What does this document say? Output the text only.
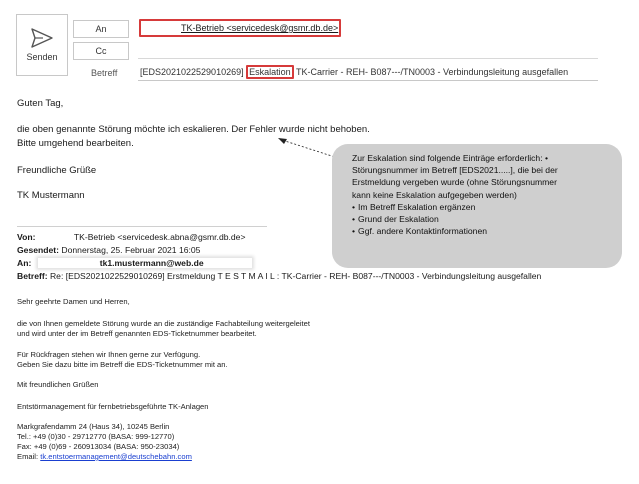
Senden
An
Cc
Betreff
TK-Betrieb <servicedesk@gsmr.db.de>
[EDS2021022529010269] Eskalation TK-Carrier - REH- B087---/TN0003 - Verbindungsleitung ausgefallen
Guten Tag,
die oben genannte Störung möchte ich eskalieren. Der Fehler wurde nicht behoben.
Bitte umgehend bearbeiten.
Freundliche Grüße
TK Mustermann
Zur Eskalation sind folgende Einträge erforderlich: •
Störungsnummer im Betreff [EDS2021.....], die bei der
Erstmeldung vergeben wurde (ohne Störungsnummer
kann keine Eskalation aufgegeben werden)
• Im Betreff Eskalation ergänzen
• Grund der Eskalation
• Ggf. andere Kontaktinformationen
Von:	TK-Betrieb <servicedesk.abna@gsmr.db.de>
Gesendet: Donnerstag, 25. Februar 2021 16:05
An:	tk1.mustermann@web.de
Betreff: Re: [EDS2021022529010269] Erstmeldung T E S T M A I L : TK-Carrier - REH- B087---/TN0003 - Verbindungsleitung ausgefallen
Sehr geehrte Damen und Herren,
die von Ihnen gemeldete Störung wurde an die zuständige Fachabteilung weitergeleitet
und wird unter der im Betreff genannten EDS-Ticketnummer bearbeitet.
Für Rückfragen stehen wir Ihnen gerne zur Verfügung.
Geben Sie dazu bitte im Betreff die EDS-Ticketnummer mit an.
Mit freundlichen Grüßen
Entstörmanagement für fernbetriebsgeführte TK-Anlagen
Markgrafendamm 24 (Haus 34), 10245 Berlin
Tel.: +49 (0)30 - 29712770 (BASA: 999-12770)
Fax: +49 (0)69 - 260913034 (BASA: 950-23034)
Email: tk.entstoermanagement@deutschebahn.com
